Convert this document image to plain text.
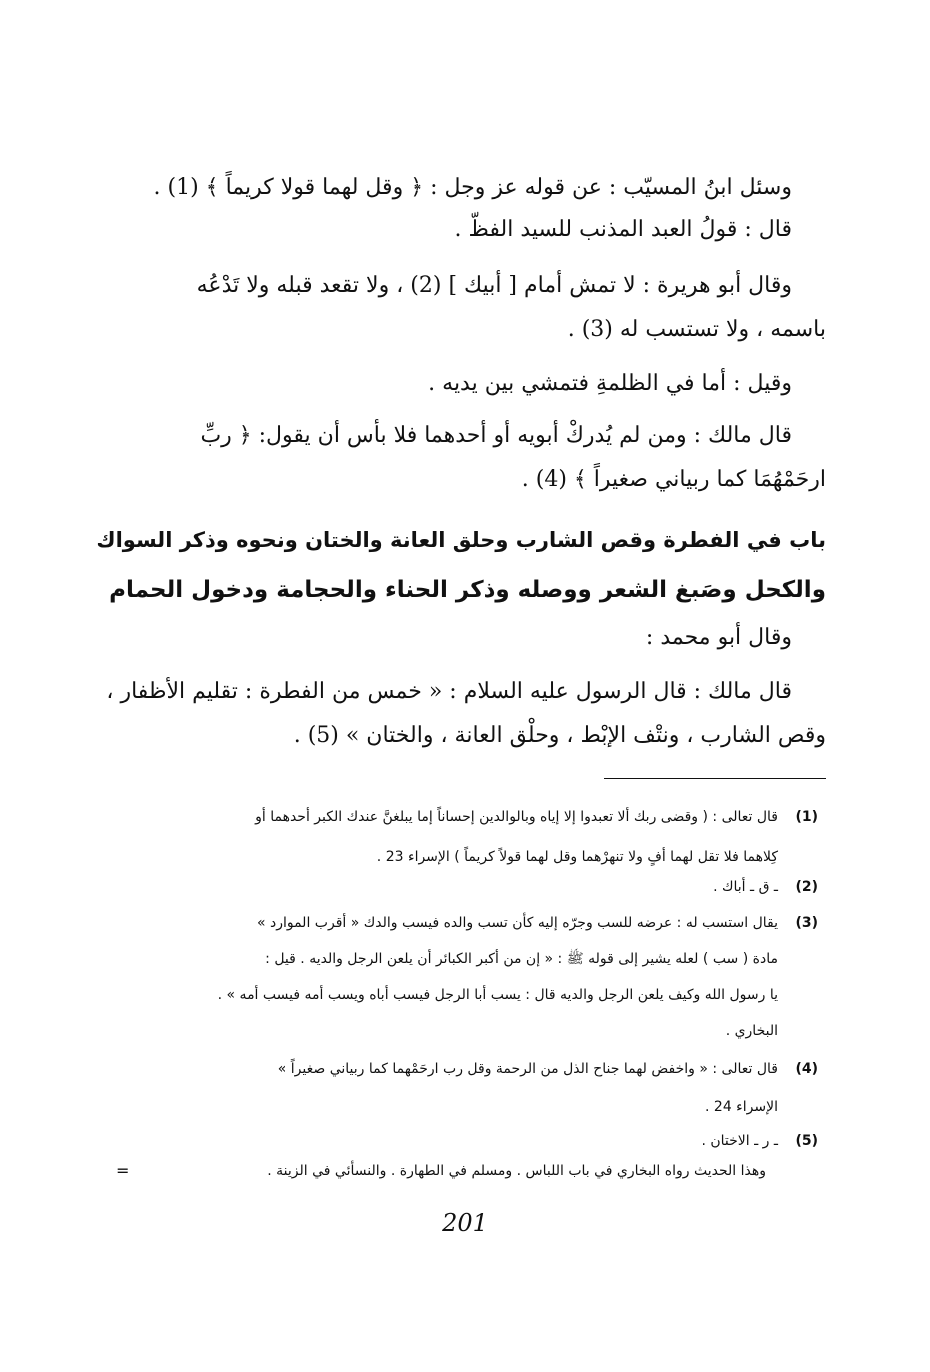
وسئل ابنُ المسيّب : عن قوله عز وجل : ﴿ وقل لهما قولا كريماً ﴾ (1) .

قال : قولُ العبد المذنب للسيد الفظّ .

وقال أبو هريرة : لا تمش أمام [ أبيك ] (2) ، ولا تقعد قبله ولا تَدْعُه

باسمه ، ولا تستسب له (3) .

وقيل : أما في الظلمةِ فتمشي بين يديه .

قال مالك : ومن لم يُدركْ أبويه أو أحدهما فلا بأس أن يقول: ﴿ ربِّ

ارحَمْهُمَا كما ربياني صغيراً ﴾ (4) .

باب في الفطرة وقص الشارب وحلق العانة والختان ونحوه وذكر السواك
والكحل وصَبغ الشعر ووصله وذكر الحناء والحجامة ودخول الحمام

وقال أبو محمد :

قال مالك : قال الرسول عليه السلام : « خمس من الفطرة : تقليم الأظفار ،

وقص الشارب ، ونتْف الإبْط ، وحلْق العانة ، والختان » (5) .

(1)

قال تعالى : ( وقضى ربك ألا تعبدوا إلا إياه وبالوالدين إحساناً إما يبلغنَّ عندك الكبر أحدهما أو

كِلاهما فلا تقل لهما أفٍ ولا تنهرْهما وقل لهما قولاً كريماً ) الإسراء 23 .

(2)

ـ ق ـ أباك .

(3)

يقال استسب له : عرضه للسب وجرّه إليه كأن تسب والده فيسب والدك « أقرب الموارد »

مادة ( سب ) لعله يشير إلى قوله ﷺ : « إن من أكبر الكبائر أن يلعن الرجل والديه . قيل :

يا رسول الله وكيف يلعن الرجل والديه قال : يسب أبا الرجل فيسب أباه ويسب أمه فيسب أمه » .

البخاري .

(4)

قال تعالى : « واخفض لهما جناح الذل من الرحمة وقل رب ارحَمْهما كما ربياني صغيراً »

الإسراء 24 .

(5)

ـ ر ـ الاختان .

وهذا الحديث رواه البخاري في باب اللباس . ومسلم في الطهارة . والنسأئي في الزينة .

=
201
